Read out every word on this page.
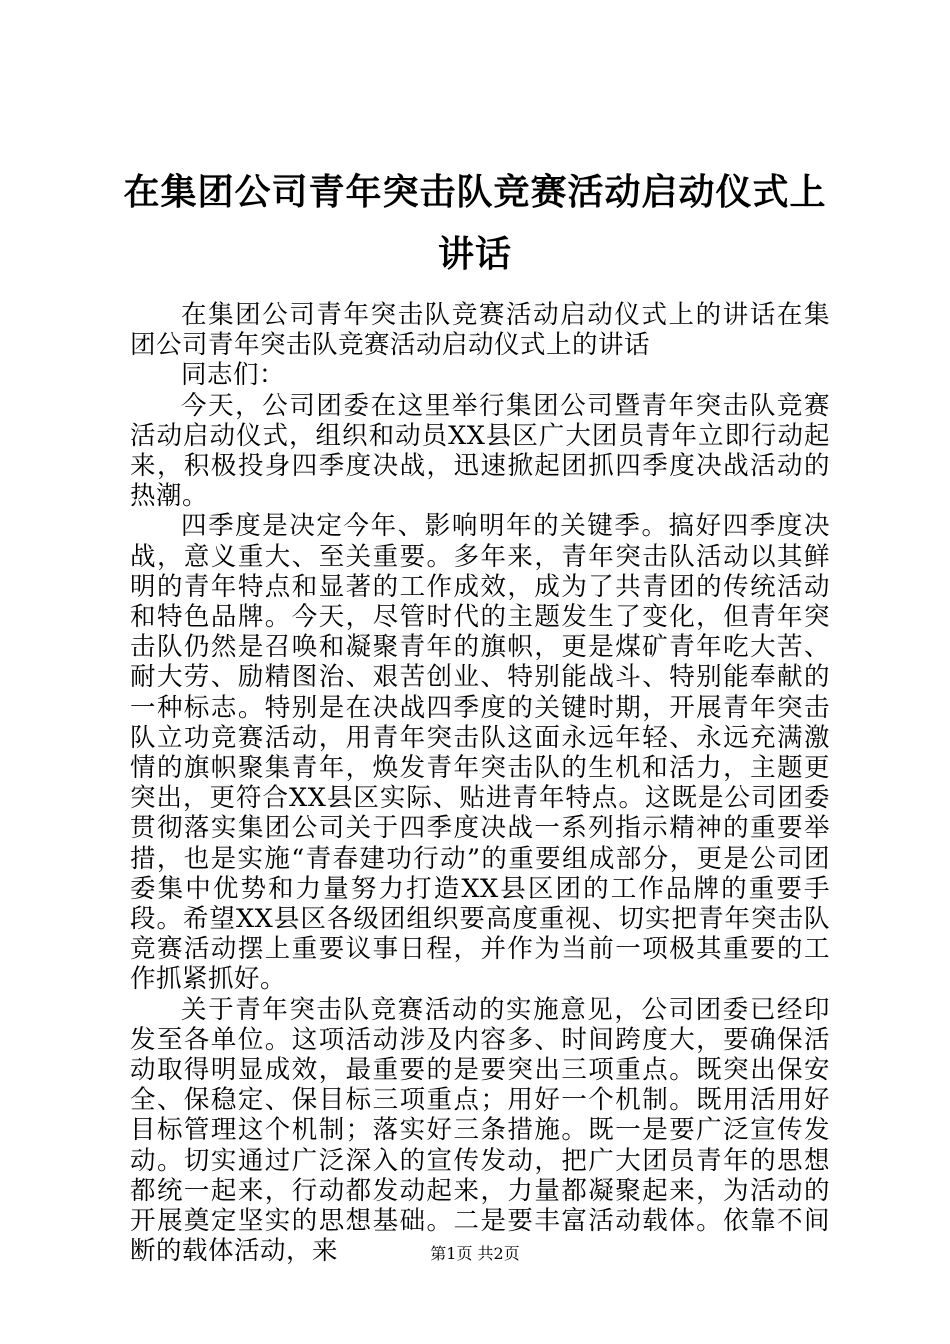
在集团公司青年突击队竞赛活动启动仪式上讲话

在集团公司青年突击队竞赛活动启动仪式上的讲话在集团公司青年突击队竞赛活动启动仪式上的讲话

同志们：

今天，公司团委在这里举行集团公司暨青年突击队竞赛活动启动仪式，组织和动员XX县区广大团员青年立即行动起来，积极投身四季度决战，迅速掀起团抓四季度决战活动的热潮。

四季度是决定今年、影响明年的关键季。搞好四季度决战，意义重大、至关重要。多年来，青年突击队活动以其鲜明的青年特点和显著的工作成效，成为了共青团的传统活动和特色品牌。今天，尽管时代的主题发生了变化，但青年突击队仍然是召唤和凝聚青年的旗帜，更是煤矿青年吃大苦、耐大劳、励精图治、艰苦创业、特别能战斗、特别能奉献的一种标志。特别是在决战四季度的关键时期，开展青年突击队立功竞赛活动，用青年突击队这面永远年轻、永远充满激情的旗帜聚集青年，焕发青年突击队的生机和活力，主题更突出，更符合XX县区实际、贴进青年特点。这既是公司团委贯彻落实集团公司关于四季度决战一系列指示精神的重要举措，也是实施“青春建功行动”的重要组成部分，更是公司团委集中优势和力量努力打造XX县区团的工作品牌的重要手段。希望XX县区各级团组织要高度重视、切实把青年突击队竞赛活动摆上重要议事日程，并作为当前一项极其重要的工作抓紧抓好。

关于青年突击队竞赛活动的实施意见，公司团委已经印发至各单位。这项活动涉及内容多、时间跨度大，要确保活动取得明显成效，最重要的是要突出三项重点。既突出保安全、保稳定、保目标三项重点；用好一个机制。既用活用好目标管理这个机制；落实好三条措施。既一是要广泛宣传发动。切实通过广泛深入的宣传发动，把广大团员青年的思想都统一起来，行动都发动起来，力量都凝聚起来，为活动的开展奠定坚实的思想基础。二是要丰富活动载体。依靠不间断的载体活动，来	第1页 共2页
